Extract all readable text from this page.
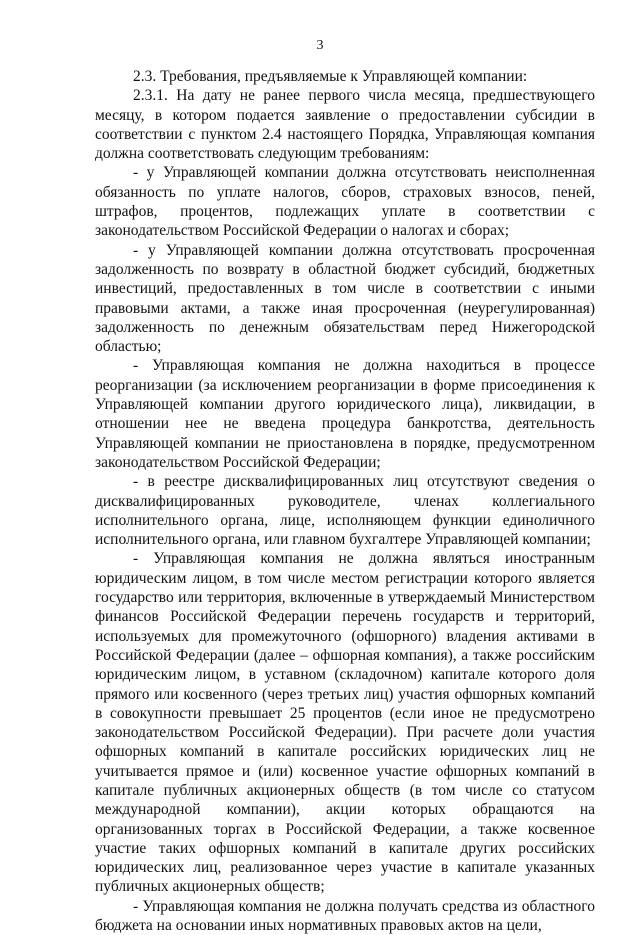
3

2.3. Требования, предъявляемые к Управляющей компании:

2.3.1. На дату не ранее первого числа месяца, предшествующего месяцу, в котором подается заявление о предоставлении субсидии в соответствии с пунктом 2.4 настоящего Порядка, Управляющая компания должна соответствовать следующим требованиям:

- у Управляющей компании должна отсутствовать неисполненная обязанность по уплате налогов, сборов, страховых взносов, пеней, штрафов, процентов, подлежащих уплате в соответствии с законодательством Российской Федерации о налогах и сборах;

- у Управляющей компании должна отсутствовать просроченная задолженность по возврату в областной бюджет субсидий, бюджетных инвестиций, предоставленных в том числе в соответствии с иными правовыми актами, а также иная просроченная (неурегулированная) задолженность по денежным обязательствам перед Нижегородской областью;

- Управляющая компания не должна находиться в процессе реорганизации (за исключением реорганизации в форме присоединения к Управляющей компании другого юридического лица), ликвидации, в отношении нее не введена процедура банкротства, деятельность Управляющей компании не приостановлена в порядке, предусмотренном законодательством Российской Федерации;

- в реестре дисквалифицированных лиц отсутствуют сведения о дисквалифицированных руководителе, членах коллегиального исполнительного органа, лице, исполняющем функции единоличного исполнительного органа, или главном бухгалтере Управляющей компании;

- Управляющая компания не должна являться иностранным юридическим лицом, в том числе местом регистрации которого является государство или территория, включенные в утверждаемый Министерством финансов Российской Федерации перечень государств и территорий, используемых для промежуточного (офшорного) владения активами в Российской Федерации (далее – офшорная компания), а также российским юридическим лицом, в уставном (складочном) капитале которого доля прямого или косвенного (через третьих лиц) участия офшорных компаний в совокупности превышает 25 процентов (если иное не предусмотрено законодательством Российской Федерации). При расчете доли участия офшорных компаний в капитале российских юридических лиц не учитывается прямое и (или) косвенное участие офшорных компаний в капитале публичных акционерных обществ (в том числе со статусом международной компании), акции которых обращаются на организованных торгах в Российской Федерации, а также косвенное участие таких офшорных компаний в капитале других российских юридических лиц, реализованное через участие в капитале указанных публичных акционерных обществ;

- Управляющая компания не должна получать средства из областного бюджета на основании иных нормативных правовых актов на цели,
